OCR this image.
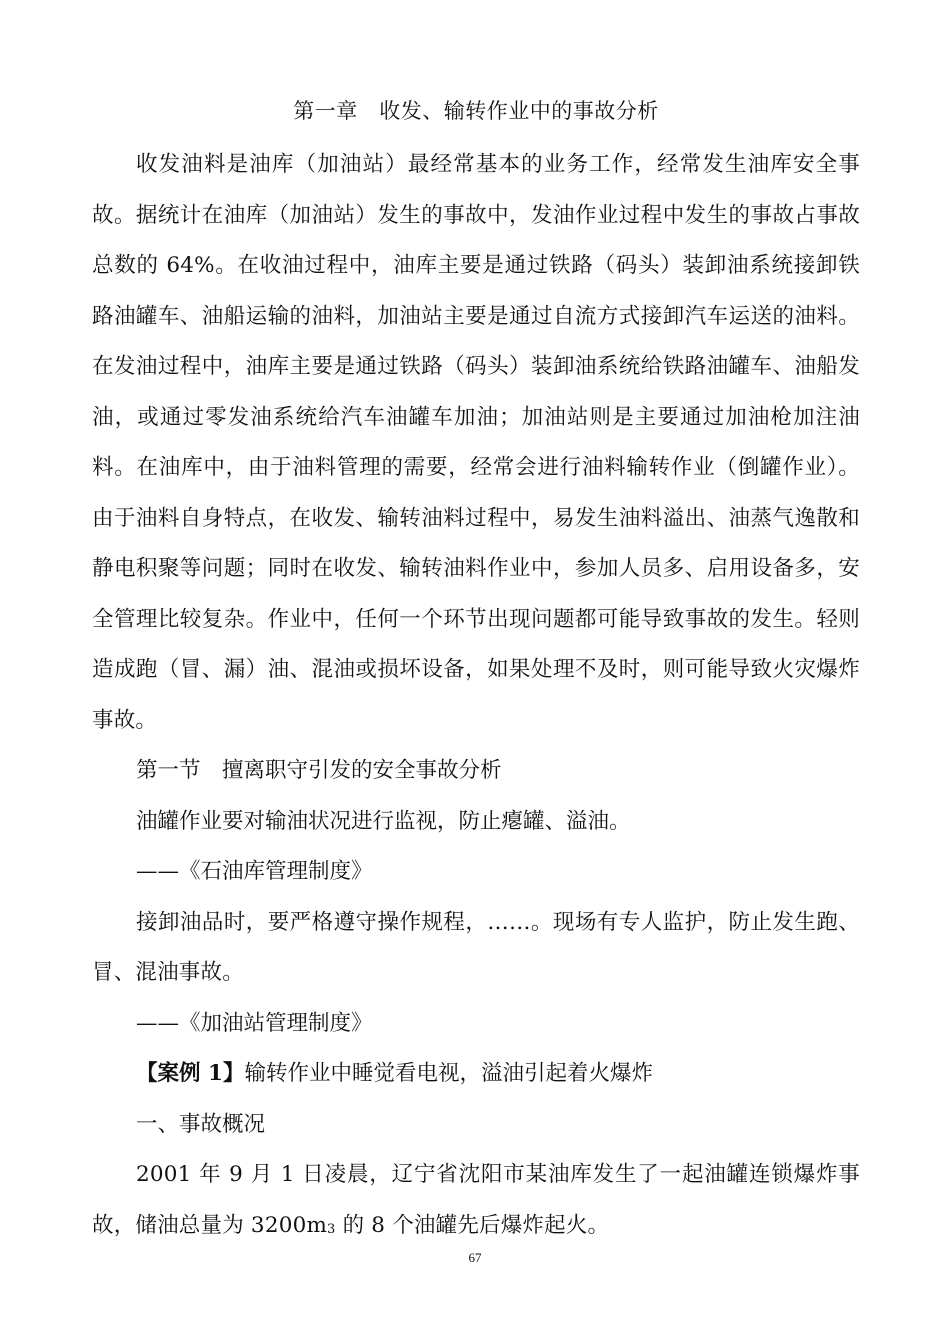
第一章　收发、输转作业中的事故分析

收发油料是油库（加油站）最经常基本的业务工作，经常发生油库安全事故。据统计在油库（加油站）发生的事故中，发油作业过程中发生的事故占事故总数的 64%。在收油过程中，油库主要是通过铁路（码头）装卸油系统接卸铁路油罐车、油船运输的油料，加油站主要是通过自流方式接卸汽车运送的油料。在发油过程中，油库主要是通过铁路（码头）装卸油系统给铁路油罐车、油船发油，或通过零发油系统给汽车油罐车加油；加油站则是主要通过加油枪加注油料。在油库中，由于油料管理的需要，经常会进行油料输转作业（倒罐作业）。由于油料自身特点，在收发、输转油料过程中，易发生油料溢出、油蒸气逸散和静电积聚等问题；同时在收发、输转油料作业中，参加人员多、启用设备多，安全管理比较复杂。作业中，任何一个环节出现问题都可能导致事故的发生。轻则造成跑（冒、漏）油、混油或损坏设备，如果处理不及时，则可能导致火灾爆炸事故。

第一节　擅离职守引发的安全事故分析

油罐作业要对输油状况进行监视，防止瘪罐、溢油。

——《石油库管理制度》

接卸油品时，要严格遵守操作规程，……。现场有专人监护，防止发生跑、冒、混油事故。

——《加油站管理制度》

【案例 1】输转作业中睡觉看电视，溢油引起着火爆炸

一、事故概况

2001 年 9 月 1 日凌晨，辽宁省沈阳市某油库发生了一起油罐连锁爆炸事故，储油总量为 3200m3 的 8 个油罐先后爆炸起火。

67
